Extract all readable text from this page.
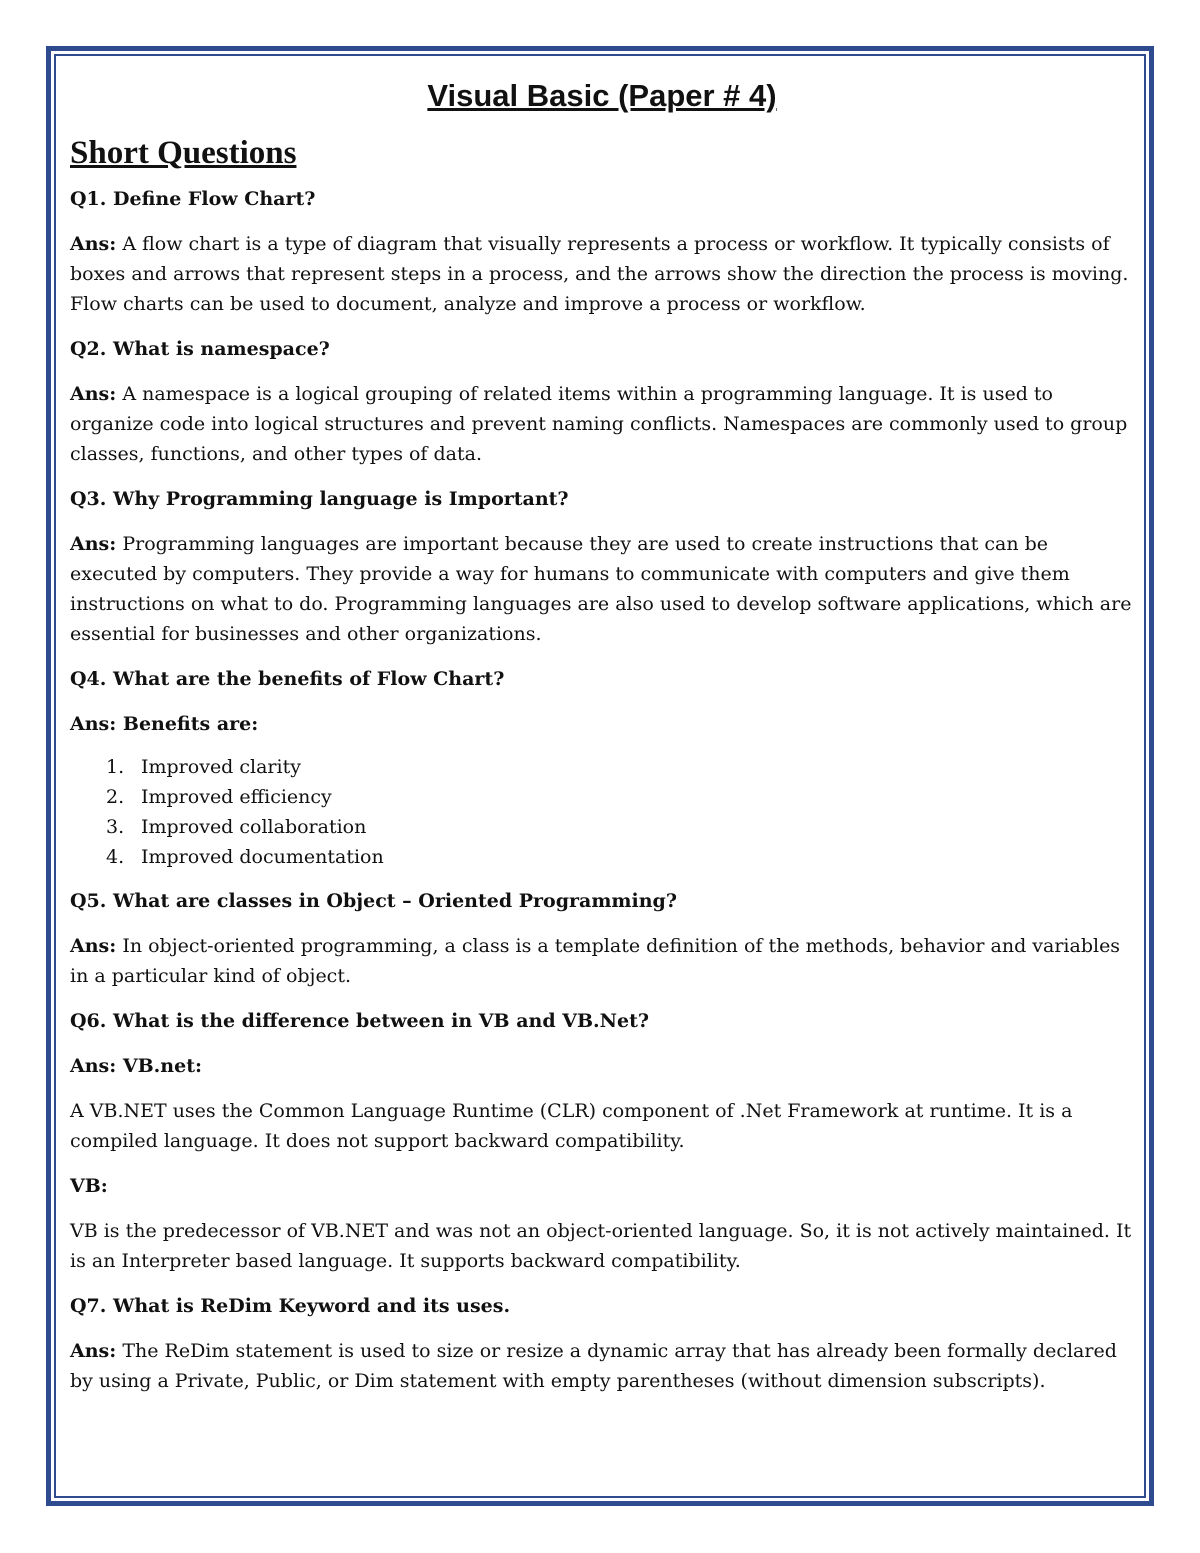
Visual Basic (Paper # 4)
Short Questions
Q1. Define Flow Chart?
Ans: A flow chart is a type of diagram that visually represents a process or workflow. It typically consists of boxes and arrows that represent steps in a process, and the arrows show the direction the process is moving. Flow charts can be used to document, analyze and improve a process or workflow.
Q2. What is namespace?
Ans: A namespace is a logical grouping of related items within a programming language. It is used to organize code into logical structures and prevent naming conflicts. Namespaces are commonly used to group classes, functions, and other types of data.
Q3. Why Programming language is Important?
Ans: Programming languages are important because they are used to create instructions that can be executed by computers. They provide a way for humans to communicate with computers and give them instructions on what to do. Programming languages are also used to develop software applications, which are essential for businesses and other organizations.
Q4. What are the benefits of Flow Chart?
Ans: Benefits are:
1. Improved clarity
2. Improved efficiency
3. Improved collaboration
4. Improved documentation
Q5. What are classes in Object – Oriented Programming?
Ans: In object-oriented programming, a class is a template definition of the methods, behavior and variables in a particular kind of object.
Q6. What is the difference between in VB and VB.Net?
Ans: VB.net:
A VB.NET uses the Common Language Runtime (CLR) component of .Net Framework at runtime. It is a compiled language. It does not support backward compatibility.
VB:
VB is the predecessor of VB.NET and was not an object-oriented language. So, it is not actively maintained. It is an Interpreter based language. It supports backward compatibility.
Q7. What is ReDim Keyword and its uses.
Ans: The ReDim statement is used to size or resize a dynamic array that has already been formally declared by using a Private, Public, or Dim statement with empty parentheses (without dimension subscripts).
